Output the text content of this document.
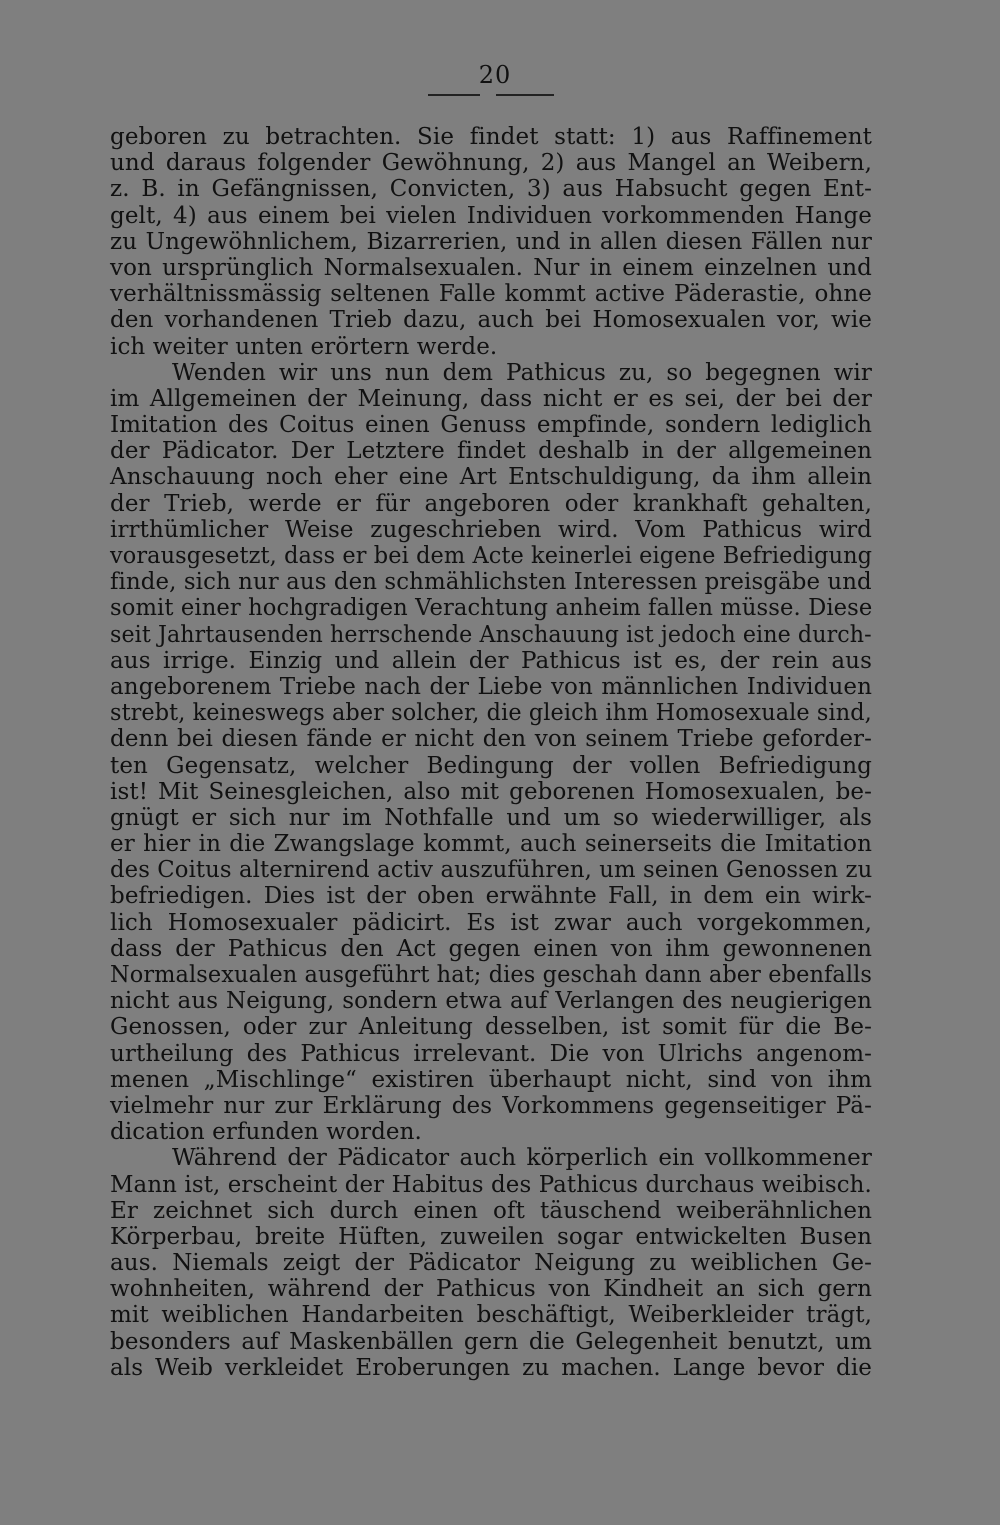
20
geboren zu betrachten. Sie findet statt: 1) aus Raffinement
und daraus folgender Gewöhnung, 2) aus Mangel an Weibern,
z. B. in Gefängnissen, Convicten, 3) aus Habsucht gegen Ent-
gelt, 4) aus einem bei vielen Individuen vorkommenden Hange
zu Ungewöhnlichem, Bizarrerien, und in allen diesen Fällen nur
von ursprünglich Normalsexualen. Nur in einem einzelnen und
verhältnissmässig seltenen Falle kommt active Päderastie, ohne
den vorhandenen Trieb dazu, auch bei Homosexualen vor, wie
ich weiter unten erörtern werde.
Wenden wir uns nun dem Pathicus zu, so begegnen wir
im Allgemeinen der Meinung, dass nicht er es sei, der bei der
Imitation des Coitus einen Genuss empfinde, sondern lediglich
der Pädicator. Der Letztere findet deshalb in der allgemeinen
Anschauung noch eher eine Art Entschuldigung, da ihm allein
der Trieb, werde er für angeboren oder krankhaft gehalten,
irrthümlicher Weise zugeschrieben wird. Vom Pathicus wird
vorausgesetzt, dass er bei dem Acte keinerlei eigene Befriedigung
finde, sich nur aus den schmählichsten Interessen preisgäbe und
somit einer hochgradigen Verachtung anheim fallen müsse. Diese
seit Jahrtausenden herrschende Anschauung ist jedoch eine durch-
aus irrige. Einzig und allein der Pathicus ist es, der rein aus
angeborenem Triebe nach der Liebe von männlichen Individuen
strebt, keineswegs aber solcher, die gleich ihm Homosexuale sind,
denn bei diesen fände er nicht den von seinem Triebe geforder-
ten Gegensatz, welcher Bedingung der vollen Befriedigung
ist! Mit Seinesgleichen, also mit geborenen Homosexualen, be-
gnügt er sich nur im Nothfalle und um so wiederwilliger, als
er hier in die Zwangslage kommt, auch seinerseits die Imitation
des Coitus alternirend activ auszuführen, um seinen Genossen zu
befriedigen. Dies ist der oben erwähnte Fall, in dem ein wirk-
lich Homosexualer pädicirt. Es ist zwar auch vorgekommen,
dass der Pathicus den Act gegen einen von ihm gewonnenen
Normalsexualen ausgeführt hat; dies geschah dann aber ebenfalls
nicht aus Neigung, sondern etwa auf Verlangen des neugierigen
Genossen, oder zur Anleitung desselben, ist somit für die Be-
urtheilung des Pathicus irrelevant. Die von Ulrichs angenom-
menen „Mischlinge“ existiren überhaupt nicht, sind von ihm
vielmehr nur zur Erklärung des Vorkommens gegenseitiger Pä-
dication erfunden worden.
Während der Pädicator auch körperlich ein vollkommener
Mann ist, erscheint der Habitus des Pathicus durchaus weibisch.
Er zeichnet sich durch einen oft täuschend weiberähnlichen
Körperbau, breite Hüften, zuweilen sogar entwickelten Busen
aus. Niemals zeigt der Pädicator Neigung zu weiblichen Ge-
wohnheiten, während der Pathicus von Kindheit an sich gern
mit weiblichen Handarbeiten beschäftigt, Weiberkleider trägt,
besonders auf Maskenbällen gern die Gelegenheit benutzt, um
als Weib verkleidet Eroberungen zu machen. Lange bevor die
